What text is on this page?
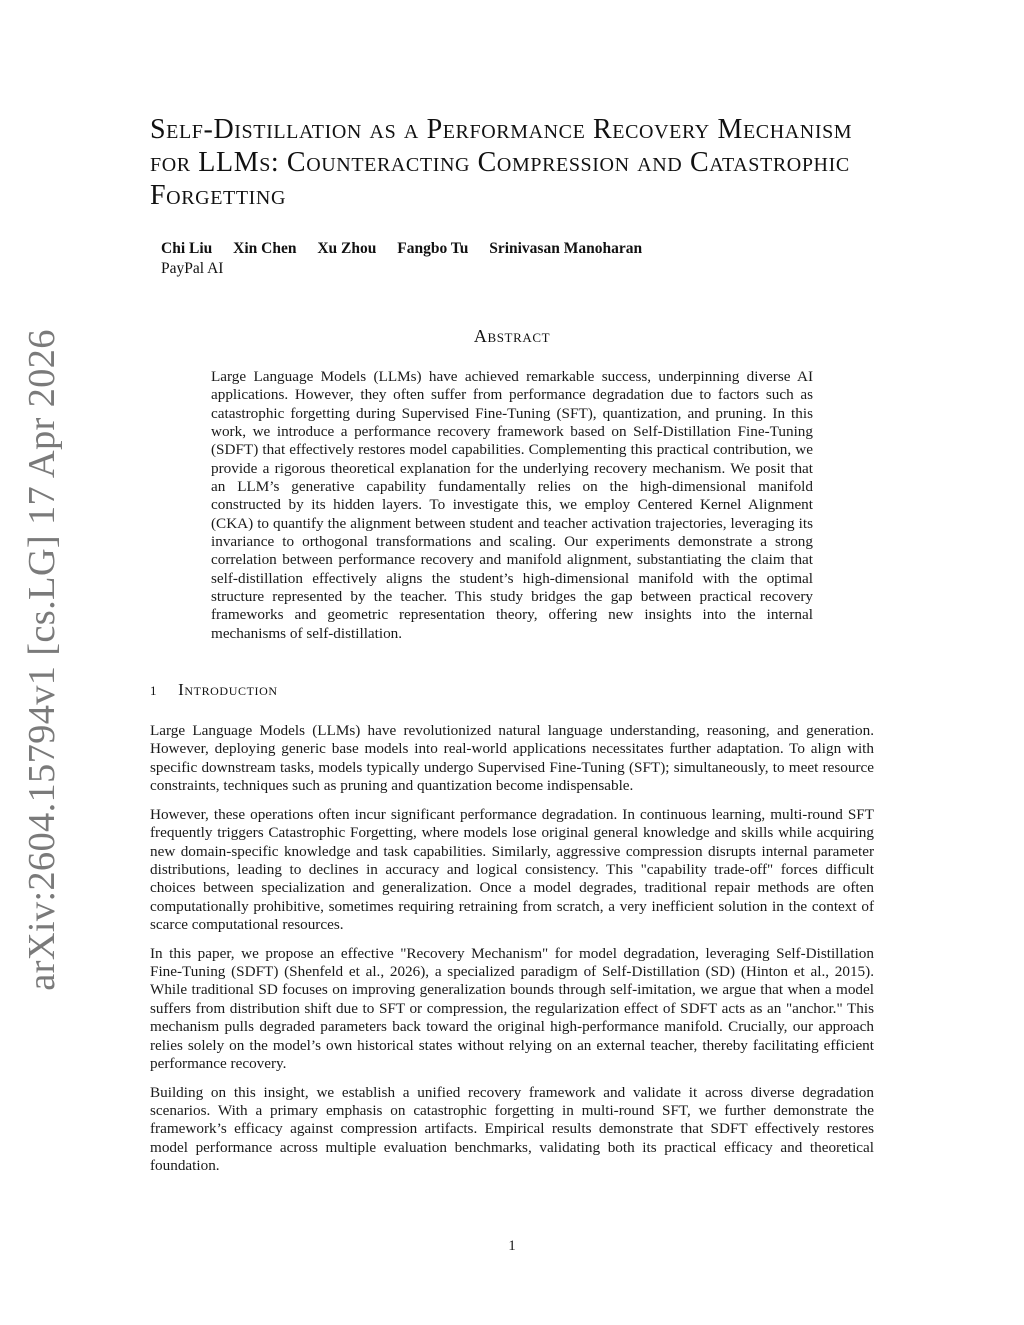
arXiv:2604.15794v1 [cs.LG] 17 Apr 2026
Self-Distillation as a Performance Recovery Mechanism for LLMs: Counteracting Compression and Catastrophic Forgetting
Chi Liu Xin Chen Xu Zhou Fangbo Tu Srinivasan Manoharan
PayPal AI
Abstract

Large Language Models (LLMs) have achieved remarkable success, underpinning diverse AI applications. However, they often suffer from performance degradation due to factors such as catastrophic forgetting during Supervised Fine-Tuning (SFT), quantization, and pruning. In this work, we introduce a performance recovery framework based on Self-Distillation Fine-Tuning (SDFT) that effectively restores model capabilities. Complementing this practical contribution, we provide a rigorous theoretical explanation for the underlying recovery mechanism. We posit that an LLM’s generative capability fundamentally relies on the high-dimensional manifold constructed by its hidden layers. To investigate this, we employ Centered Kernel Alignment (CKA) to quantify the alignment between student and teacher activation trajectories, leveraging its invariance to orthogonal transformations and scaling. Our experiments demonstrate a strong correlation between performance recovery and manifold alignment, substantiating the claim that self-distillation effectively aligns the student’s high-dimensional manifold with the optimal structure represented by the teacher. This study bridges the gap between practical recovery frameworks and geometric representation theory, offering new insights into the internal mechanisms of self-distillation.

1 Introduction

Large Language Models (LLMs) have revolutionized natural language understanding, reasoning, and generation. However, deploying generic base models into real-world applications necessitates further adaptation. To align with specific downstream tasks, models typically undergo Supervised Fine-Tuning (SFT); simultaneously, to meet resource constraints, techniques such as pruning and quantization become indispensable.

However, these operations often incur significant performance degradation. In continuous learning, multi-round SFT frequently triggers Catastrophic Forgetting, where models lose original general knowledge and skills while acquiring new domain-specific knowledge and task capabilities. Similarly, aggressive compression disrupts internal parameter distributions, leading to declines in accuracy and logical consistency. This "capability trade-off" forces difficult choices between specialization and generalization. Once a model degrades, traditional repair methods are often computationally prohibitive, sometimes requiring retraining from scratch, a very inefficient solution in the context of scarce computational resources.

In this paper, we propose an effective "Recovery Mechanism" for model degradation, leveraging Self-Distillation Fine-Tuning (SDFT) (Shenfeld et al., 2026), a specialized paradigm of Self-Distillation (SD) (Hinton et al., 2015). While traditional SD focuses on improving generalization bounds through self-imitation, we argue that when a model suffers from distribution shift due to SFT or compression, the regularization effect of SDFT acts as an "anchor." This mechanism pulls degraded parameters back toward the original high-performance manifold. Crucially, our approach relies solely on the model’s own historical states without relying on an external teacher, thereby facilitating efficient performance recovery.

Building on this insight, we establish a unified recovery framework and validate it across diverse degradation scenarios. With a primary emphasis on catastrophic forgetting in multi-round SFT, we further demonstrate the framework’s efficacy against compression artifacts. Empirical results demonstrate that SDFT effectively restores model performance across multiple evaluation benchmarks, validating both its practical efficacy and theoretical foundation.

1
